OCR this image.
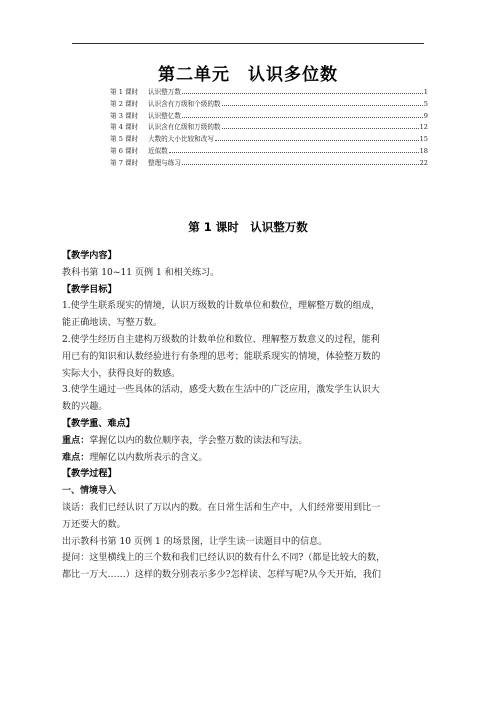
第二单元　认识多位数
第 1 课时	认识整万数	1
第 2 课时	认识含有万级和个级的数	5
第 3 课时	认识整亿数	9
第 4 课时	认识含有亿级和万级的数	12
第 5 课时	大数的大小比较和改写	15
第 6 课时	近似数	18
第 7 课时	整理与练习	22
第 1 课时　认识整万数
【教学内容】
教科书第 10~11 页例 1 和相关练习。
【教学目标】
1.使学生联系现实的情境，认识万级数的计数单位和数位，理解整万数的组成，
能正确地读、写整万数。
2.使学生经历自主建构万级数的计数单位和数位、理解整万数意义的过程，能利
用已有的知识和认数经验进行有条理的思考；能联系现实的情境，体验整万数的
实际大小，获得良好的数感。
3.使学生通过一些具体的活动，感受大数在生活中的广泛应用，激发学生认识大
数的兴趣。
【教学重、难点】
重点：掌握亿以内的数位顺序表，学会整万数的读法和写法。
难点：理解亿以内数所表示的含义。
【教学过程】
一、情境导入
谈话：我们已经认识了万以内的数。在日常生活和生产中，人们经常要用到比一
万还要大的数。
出示教科书第 10 页例 1 的场景图，让学生读一读题目中的信息。
提问：这里横线上的三个数和我们已经认识的数有什么不同?（都是比较大的数，
都比一万大……）这样的数分别表示多少?怎样读、怎样写呢?从今天开始，我们
